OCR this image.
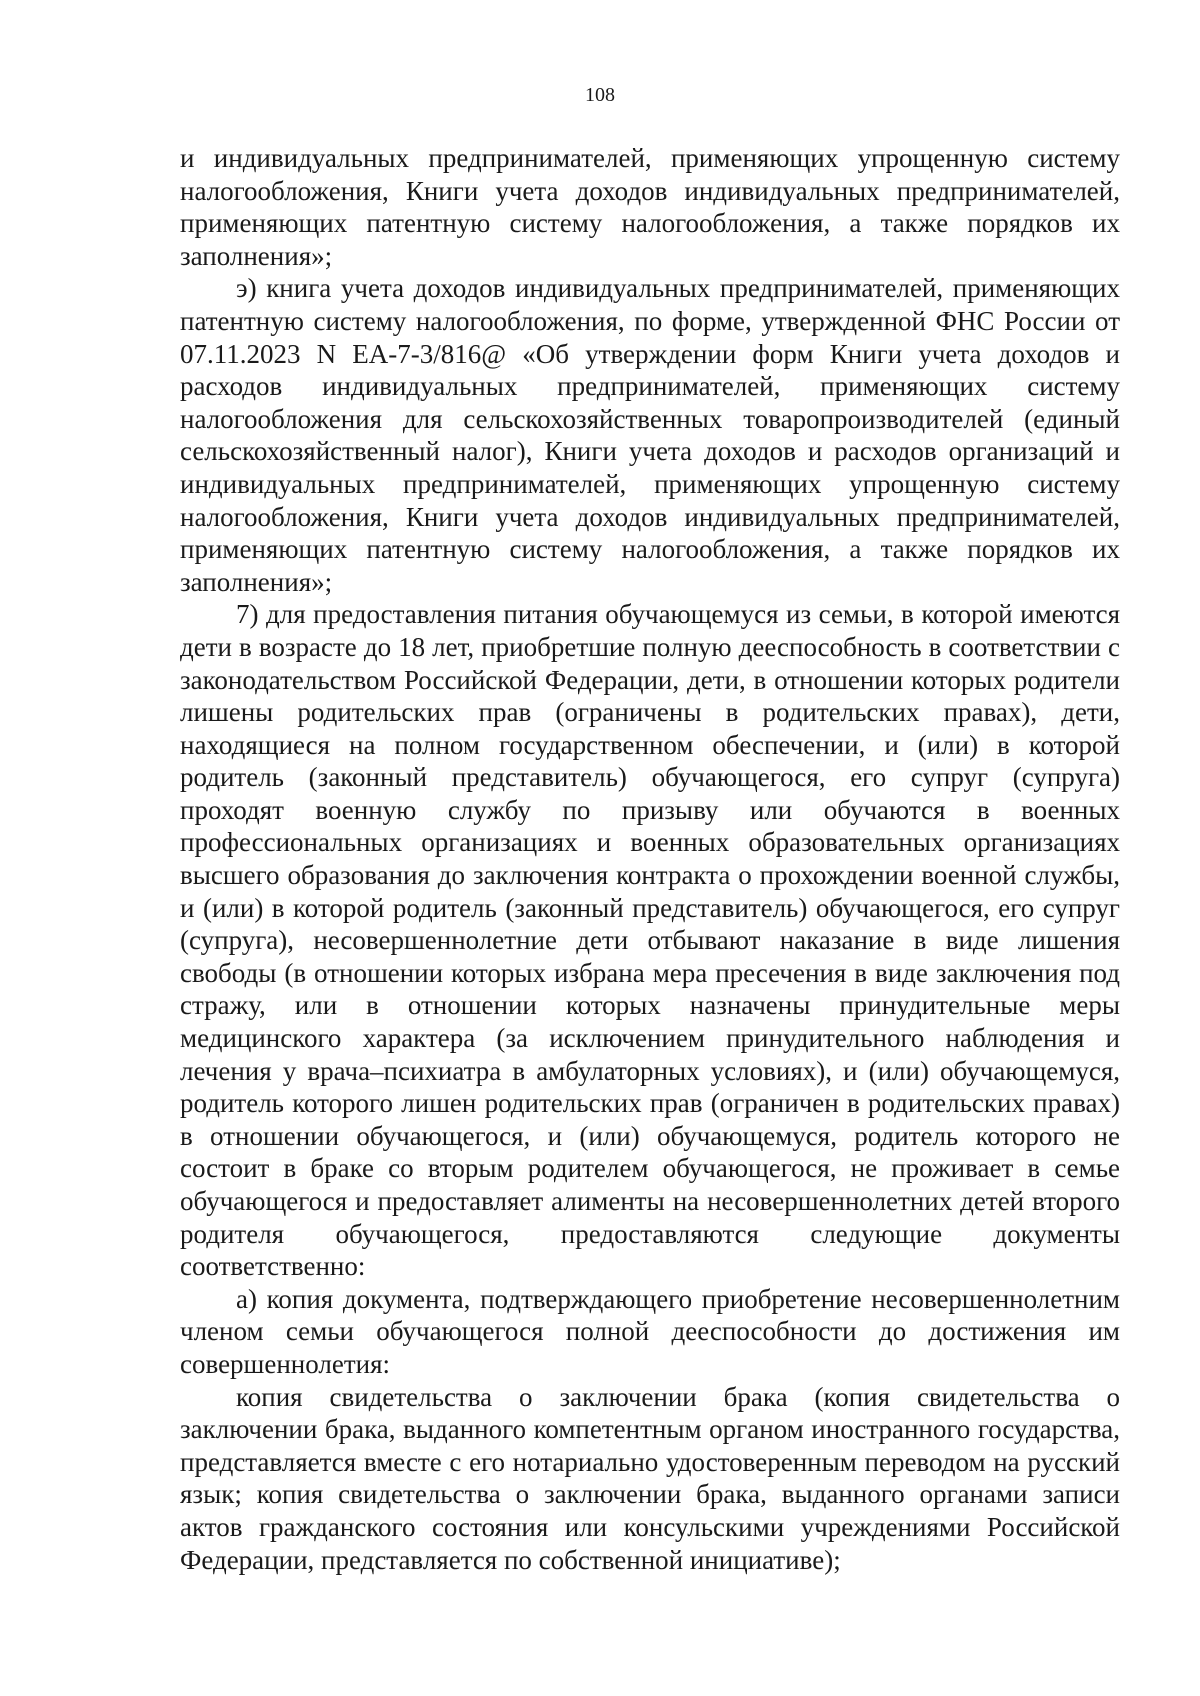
108

и индивидуальных предпринимателей, применяющих упрощенную систему налогообложения, Книги учета доходов индивидуальных предпринимателей, применяющих патентную систему налогообложения, а также порядков их заполнения»;

э) книга учета доходов индивидуальных предпринимателей, применяющих патентную систему налогообложения, по форме, утвержденной ФНС России от 07.11.2023 N ЕА-7-3/816@ «Об утверждении форм Книги учета доходов и расходов индивидуальных предпринимателей, применяющих систему налогообложения для сельскохозяйственных товаропроизводителей (единый сельскохозяйственный налог), Книги учета доходов и расходов организаций и индивидуальных предпринимателей, применяющих упрощенную систему налогообложения, Книги учета доходов индивидуальных предпринимателей, применяющих патентную систему налогообложения, а также порядков их заполнения»;

7) для предоставления питания обучающемуся из семьи, в которой имеются дети в возрасте до 18 лет, приобретшие полную дееспособность в соответствии с законодательством Российской Федерации, дети, в отношении которых родители лишены родительских прав (ограничены в родительских правах), дети, находящиеся на полном государственном обеспечении, и (или) в которой родитель (законный представитель) обучающегося, его супруг (супруга) проходят военную службу по призыву или обучаются в военных профессиональных организациях и военных образовательных организациях высшего образования до заключения контракта о прохождении военной службы, и (или) в которой родитель (законный представитель) обучающегося, его супруг (супруга), несовершеннолетние дети отбывают наказание в виде лишения свободы (в отношении которых избрана мера пресечения в виде заключения под стражу, или в отношении которых назначены принудительные меры медицинского характера (за исключением принудительного наблюдения и лечения у врача–психиатра в амбулаторных условиях), и (или) обучающемуся, родитель которого лишен родительских прав (ограничен в родительских правах) в отношении обучающегося, и (или) обучающемуся, родитель которого не состоит в браке со вторым родителем обучающегося, не проживает в семье обучающегося и предоставляет алименты на несовершеннолетних детей второго родителя обучающегося, предоставляются следующие документы соответственно:

а) копия документа, подтверждающего приобретение несовершеннолетним членом семьи обучающегося полной дееспособности до достижения им совершеннолетия:

копия свидетельства о заключении брака (копия свидетельства о заключении брака, выданного компетентным органом иностранного государства, представляется вместе с его нотариально удостоверенным переводом на русский язык; копия свидетельства о заключении брака, выданного органами записи актов гражданского состояния или консульскими учреждениями Российской Федерации, представляется по собственной инициативе);
